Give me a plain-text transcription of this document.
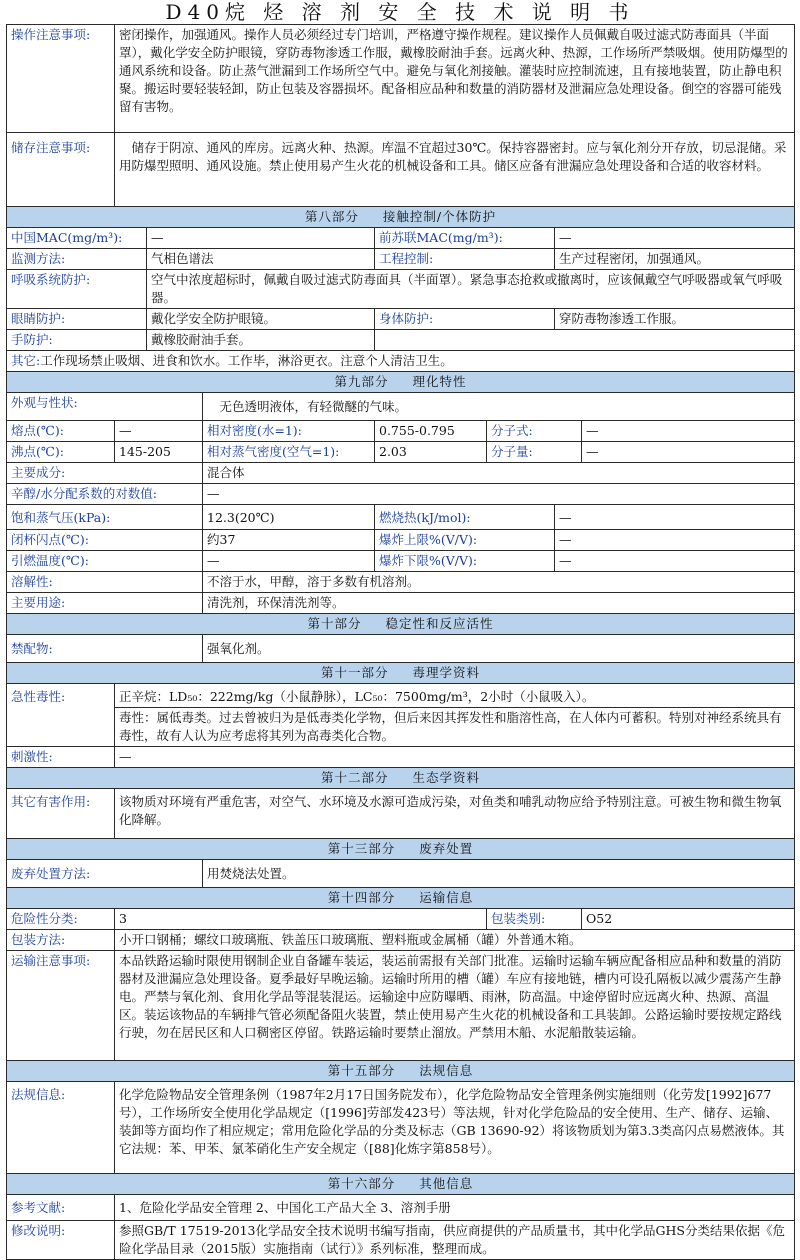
D40烷 烃 溶 剂 安 全 技 术 说 明 书
操作注意事项:	密闭操作，加强通风。操作人员必须经过专门培训，严格遵守操作规程。建议操作人员佩戴自吸过滤式防毒面具（半面罩），戴化学安全防护眼镜，穿防毒物渗透工作服，戴橡胶耐油手套。远离火种、热源，工作场所严禁吸烟。使用防爆型的通风系统和设备。防止蒸气泄漏到工作场所空气中。避免与氧化剂接触。灌装时应控制流速，且有接地装置，防止静电积聚。搬运时要轻装轻卸，防止包装及容器损坏。配备相应品种和数量的消防器材及泄漏应急处理设备。倒空的容器可能残留有害物。						
储存注意事项:	储存于阴凉、通风的库房。远离火种、热源。库温不宜超过30℃。保持容器密封。应与氧化剂分开存放，切忌混储。采用防爆型照明、通风设施。禁止使用易产生火花的机械设备和工具。储区应备有泄漏应急处理设备和合适的收容材料。						
第八部分 接触控制/个体防护							
中国MAC(mg/m³):		—		前苏联MAC(mg/m³):		—	
监测方法:		气相色谱法		工程控制:		生产过程密闭，加强通风。	
呼吸系统防护:		空气中浓度超标时，佩戴自吸过滤式防毒面具（半面罩）。紧急事态抢救或撤离时，应该佩戴空气呼吸器或氧气呼吸器。					
眼睛防护:		戴化学安全防护眼镜。		身体防护:		穿防毒物渗透工作服。	
手防护:		戴橡胶耐油手套。					
其它:工作现场禁止吸烟、进食和饮水。工作毕，淋浴更衣。注意个人清洁卫生。							
第九部分 理化特性							
外观与性状:			无色透明液体，有轻微醚的气味。				
熔点(℃):	—		相对密度(水=1):	0.755-0.795	分子式:		—
沸点(℃):	145-205		相对蒸气密度(空气=1):	2.03	分子量:		—
主要成分:			混合体				
辛醇/水分配系数的对数值:			—				
饱和蒸气压(kPa):			12.3(20℃)	燃烧热(kJ/mol):		—	
闭杯闪点(℃):			约37	爆炸上限%(V/V):		—	
引燃温度(℃):			—	爆炸下限%(V/V):		—	
溶解性:			不溶于水，甲醇，溶于多数有机溶剂。				
主要用途:			清洗剂，环保清洗剂等。				
第十部分 稳定性和反应活性							
禁配物:			强氧化剂。				
第十一部分 毒理学资料							
急性毒性:	正辛烷：LD₅₀：222mg/kg（小鼠静脉），LC₅₀：7500mg/m³，2小时（小鼠吸入）。						
	毒性：属低毒类。过去曾被归为是低毒类化学物，但后来因其挥发性和脂溶性高，在人体内可蓄积。特别对神经系统具有毒性，故有人认为应考虑将其列为高毒类化合物。						
刺激性:	—						
第十二部分 生态学资料							
其它有害作用:	该物质对环境有严重危害，对空气、水环境及水源可造成污染，对鱼类和哺乳动物应给予特别注意。可被生物和微生物氧化降解。						
第十三部分 废弃处置							
废弃处置方法:			用焚烧法处置。				
第十四部分 运输信息							
危险性分类:	3				包装类别:		O52
包装方法:	小开口钢桶；螺纹口玻璃瓶、铁盖压口玻璃瓶、塑料瓶或金属桶（罐）外普通木箱。						
运输注意事项:	本品铁路运输时限使用钢制企业自备罐车装运，装运前需报有关部门批准。运输时运输车辆应配备相应品种和数量的消防器材及泄漏应急处理设备。夏季最好早晚运输。运输时所用的槽（罐）车应有接地链，槽内可设孔隔板以减少震荡产生静电。严禁与氧化剂、食用化学品等混装混运。运输途中应防曝晒、雨淋，防高温。中途停留时应远离火种、热源、高温区。装运该物品的车辆排气管必须配备阻火装置，禁止使用易产生火花的机械设备和工具装卸。公路运输时要按规定路线行驶，勿在居民区和人口稠密区停留。铁路运输时要禁止溜放。严禁用木船、水泥船散装运输。						
第十五部分 法规信息							
法规信息:	化学危险物品安全管理条例（1987年2月17日国务院发布），化学危险物品安全管理条例实施细则（化劳发[1992]677号），工作场所安全使用化学品规定（[1996]劳部发423号）等法规，针对化学危险品的安全使用、生产、储存、运输、装卸等方面均作了相应规定；常用危险化学品的分类及标志（GB 13690-92）将该物质划为第3.3类高闪点易燃液体。其它法规：苯、甲苯、氯苯硝化生产安全规定（[88]化炼字第858号）。						
第十六部分 其他信息							
参考文献:	1、危险化学品安全管理 2、中国化工产品大全 3、溶剂手册						
修改说明:	参照GB/T 17519-2013化学品安全技术说明书编写指南，供应商提供的产品质量书，其中化学品GHS分类结果依据《危险化学品目录（2015版）实施指南（试行）》系列标准，整理而成。						
